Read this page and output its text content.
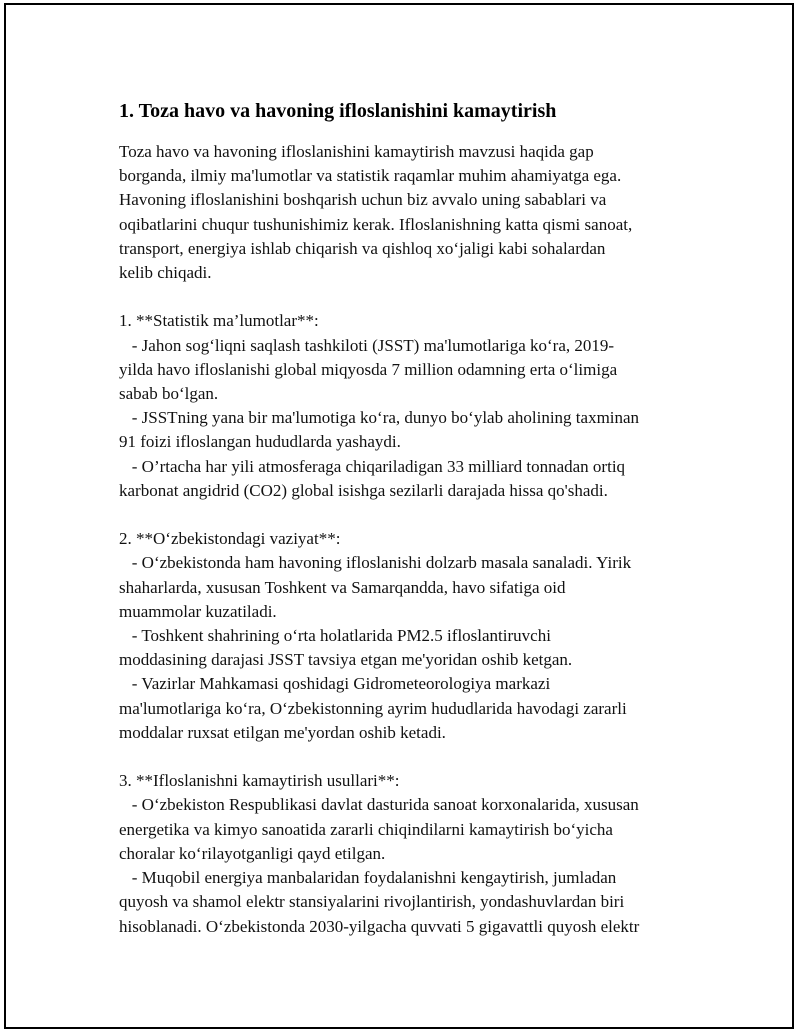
1. Toza havo va havoning ifloslanishini kamaytirish

Toza havo va havoning ifloslanishini kamaytirish mavzusi haqida gap
borganda, ilmiy ma'lumotlar va statistik raqamlar muhim ahamiyatga ega.
Havoning ifloslanishini boshqarish uchun biz avvalo uning sabablari va
oqibatlarini chuqur tushunishimiz kerak. Ifloslanishning katta qismi sanoat,
transport, energiya ishlab chiqarish va qishloq xo‘jaligi kabi sohalardan
kelib chiqadi.

1. **Statistik ma’lumotlar**:
- Jahon sog‘liqni saqlash tashkiloti (JSST) ma'lumotlariga ko‘ra, 2019-
yilda havo ifloslanishi global miqyosda 7 million odamning erta o‘limiga
sabab bo‘lgan.
- JSSTning yana bir ma'lumotiga ko‘ra, dunyo bo‘ylab aholining taxminan
91 foizi ifloslangan hududlarda yashaydi.
- O’rtacha har yili atmosferaga chiqariladigan 33 milliard tonnadan ortiq
karbonat angidrid (CO2) global isishga sezilarli darajada hissa qo'shadi.

2. **O‘zbekistondagi vaziyat**:
- O‘zbekistonda ham havoning ifloslanishi dolzarb masala sanaladi. Yirik
shaharlarda, xususan Toshkent va Samarqandda, havo sifatiga oid
muammolar kuzatiladi.
- Toshkent shahrining o‘rta holatlarida PM2.5 ifloslantiruvchi
moddasining darajasi JSST tavsiya etgan me'yoridan oshib ketgan.
- Vazirlar Mahkamasi qoshidagi Gidrometeorologiya markazi
ma'lumotlariga ko‘ra, O‘zbekistonning ayrim hududlarida havodagi zararli
moddalar ruxsat etilgan me'yordan oshib ketadi.

3. **Ifloslanishni kamaytirish usullari**:
- O‘zbekiston Respublikasi davlat dasturida sanoat korxonalarida, xususan
energetika va kimyo sanoatida zararli chiqindilarni kamaytirish bo‘yicha
choralar ko‘rilayotganligi qayd etilgan.
- Muqobil energiya manbalaridan foydalanishni kengaytirish, jumladan
quyosh va shamol elektr stansiyalarini rivojlantirish, yondashuvlardan biri
hisoblanadi. O‘zbekistonda 2030-yilgacha quvvati 5 gigavattli quyosh elektr
